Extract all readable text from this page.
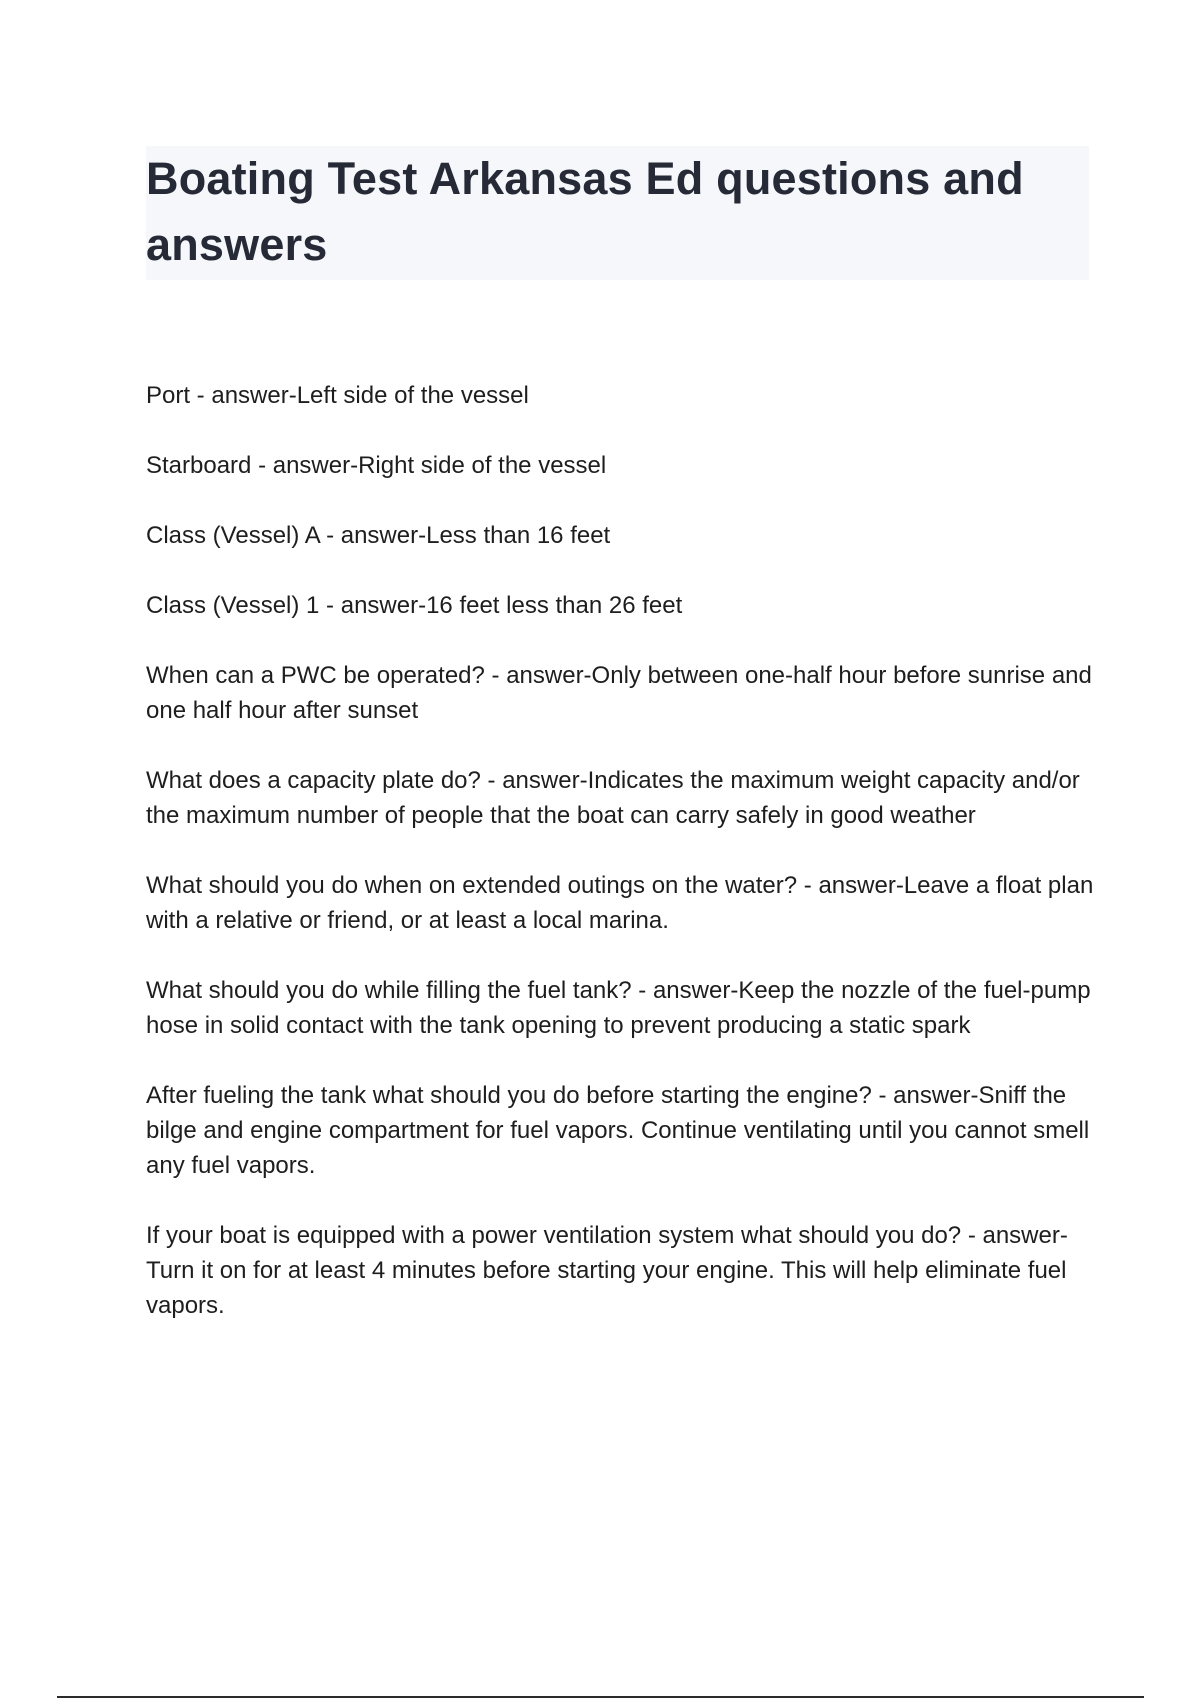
Boating Test Arkansas Ed questions and answers

Port - answer-Left side of the vessel

Starboard - answer-Right side of the vessel

Class (Vessel) A - answer-Less than 16 feet

Class (Vessel) 1 - answer-16 feet less than 26 feet

When can a PWC be operated? - answer-Only between one-half hour before sunrise and one half hour after sunset

What does a capacity plate do? - answer-Indicates the maximum weight capacity and/or the maximum number of people that the boat can carry safely in good weather

What should you do when on extended outings on the water? - answer-Leave a float plan with a relative or friend, or at least a local marina.

What should you do while filling the fuel tank? - answer-Keep the nozzle of the fuel-pump hose in solid contact with the tank opening to prevent producing a static spark

After fueling the tank what should you do before starting the engine? - answer-Sniff the bilge and engine compartment for fuel vapors. Continue ventilating until you cannot smell any fuel vapors.

If your boat is equipped with a power ventilation system what should you do? - answer-Turn it on for at least 4 minutes before starting your engine. This will help eliminate fuel vapors.
